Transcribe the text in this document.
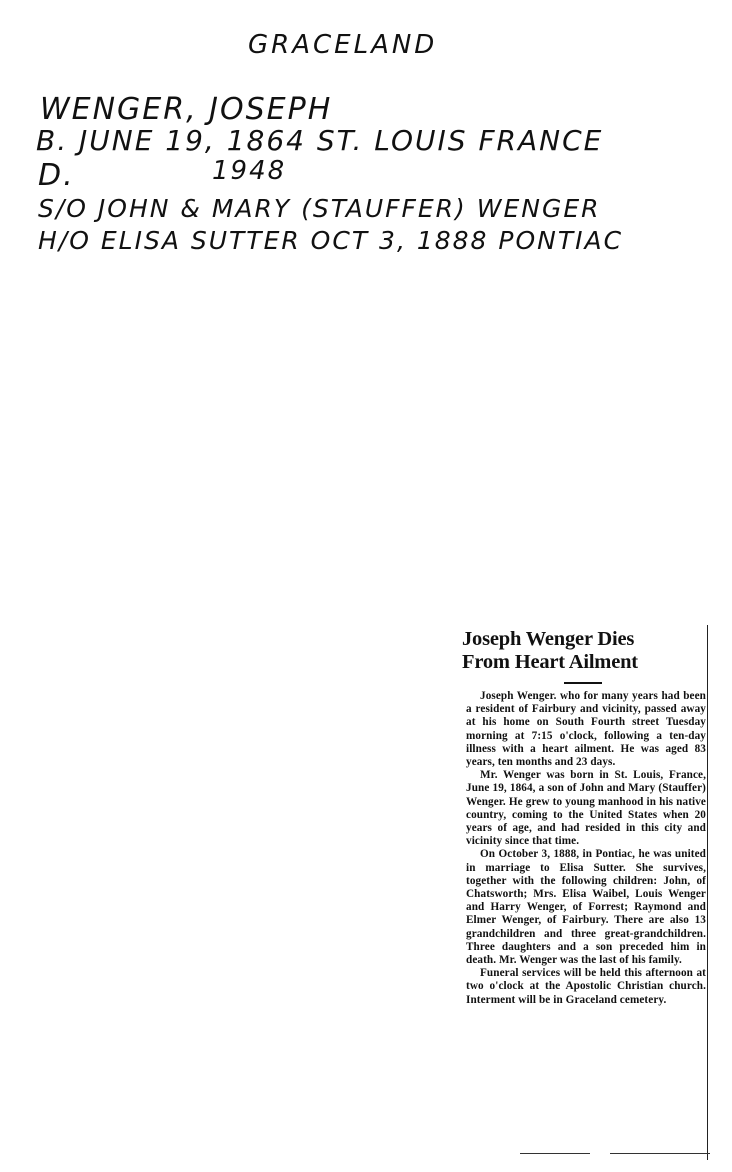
GRACELAND
WENGER, JOSEPH
B. JUNE 19, 1864 ST. LOUIS FRANCE
D.	1948
S/O JOHN & MARY (STAUFFER) WENGER
H/O ELISA SUTTER OCT 3, 1888 PONTIAC
Joseph Wenger Dies
From Heart Ailment

Joseph Wenger. who for many years had been a resident of Fairbury and vicinity, passed away at his home on South Fourth street Tuesday morning at 7:15 o'clock, following a ten-day illness with a heart ailment. He was aged 83 years, ten months and 23 days.

Mr. Wenger was born in St. Louis, France, June 19, 1864, a son of John and Mary (Stauffer) Wenger. He grew to young manhood in his native country, coming to the United States when 20 years of age, and had resided in this city and vicinity since that time.

On October 3, 1888, in Pontiac, he was united in marriage to Elisa Sutter. She survives, together with the following children: John, of Chatsworth; Mrs. Elisa Waibel, Louis Wenger and Harry Wenger, of Forrest; Raymond and Elmer Wenger, of Fairbury. There are also 13 grandchildren and three great-grandchildren. Three daughters and a son preceded him in death. Mr. Wenger was the last of his family.

Funeral services will be held this afternoon at two o'clock at the Apostolic Christian church. Interment will be in Graceland cemetery.
